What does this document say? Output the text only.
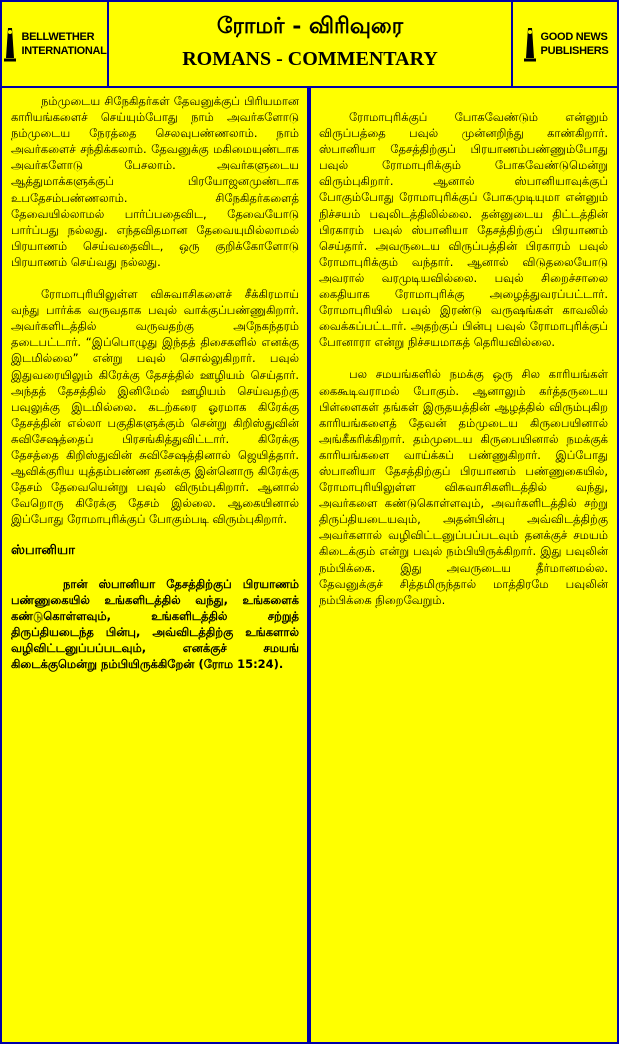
BELLWETHER
INTERNATIONAL
ரோமர் - விரிவுரை
ROMANS - COMMENTARY
GOOD NEWS
PUBLISHERS

நம்முடைய சிநேகிதர்கள் தேவனுக்குப் பிரியமான காரியங்களைச் செய்யும்போது நாம் அவர்களோடு நம்முடைய நேரத்தை செலவுபண்ணலாம். நாம் அவர்களைச் சந்திக்கலாம். தேவனுக்கு மகிமையுண்டாக அவர்களோடு பேசலாம். அவர்களுடைய ஆத்துமாக்களுக்குப் பிரயோஜனமுண்டாக உபதேசம்பண்ணலாம். சிநேகிதர்களைத் தேவையில்லாமல் பார்ப்பதைவிட, தேவையோடு பார்ப்பது நல்லது. எந்தவிதமான தேவையுமில்லாமல் பிரயாணம் செய்வதைவிட, ஒரு குறிக்கோளோடு பிரயாணம் செய்வது நல்லது.

ரோமாபுரியிலுள்ள விசுவாசிகளைச் சீக்கிரமாய் வந்து பார்க்க வருவதாக பவுல் வாக்குப்பண்ணுகிறார். அவர்களிடத்தில் வருவதற்கு அநேகந்தரம் தடைபட்டார். “இப்பொழுது இந்தத் திசைகளில் எனக்கு இடமில்லை” என்று பவுல் சொல்லுகிறார். பவுல் இதுவரையிலும் கிரேக்கு தேசத்தில் ஊழியம் செய்தார். அந்தத் தேசத்தில் இனிமேல் ஊழியம் செய்வதற்கு பவுலுக்கு இடமில்லை. கடற்கரை ஓரமாக கிரேக்கு தேசத்தின் எல்லா பகுதிகளுக்கும் சென்று கிறிஸ்துவின் சுவிசேஷத்தைப் பிரசங்கித்துவிட்டார். கிரேக்கு தேசத்தை கிறிஸ்துவின் சுவிசேஷத்தினால் ஜெயித்தார். ஆவிக்குரிய யுத்தம்பண்ண தனக்கு இன்னொரு கிரேக்கு தேசம் தேவையென்று பவுல் விரும்புகிறார். ஆனால் வேறொரு கிரேக்கு தேசம் இல்லை. ஆகையினால் இப்போது ரோமாபுரிக்குப் போகும்படி விரும்புகிறார்.

ஸ்பானியா

நான் ஸ்பானியா தேசத்திற்குப் பிரயாணம் பண்ணுகையில் உங்களிடத்தில் வந்து, உங்களைக் கண்டுகொள்ளவும், உங்களிடத்தில் சற்றுத் திருப்தியடைந்த பின்பு, அவ்விடத்திற்கு உங்களால் வழிவிட்டனுப்பப்படவும், எனக்குச் சமயங் கிடைக்குமென்று நம்பியிருக்கிறேன் (ரோம 15:24).

ரோமாபுரிக்குப் போகவேண்டும் என்னும் விருப்பத்தை பவுல் முன்னறிந்து காண்கிறார். ஸ்பானியா தேசத்திற்குப் பிரயாணம்பண்ணும்போது பவுல் ரோமாபுரிக்கும் போகவேண்டுமென்று விரும்புகிறார். ஆனால் ஸ்பானியாவுக்குப் போகும்போது ரோமாபுரிக்குப் போகமுடியுமா என்னும் நிச்சயம் பவுலிடத்திலில்லை. தன்னுடைய திட்டத்தின் பிரகாரம் பவுல் ஸ்பானியா தேசத்திற்குப் பிரயாணம் செய்தார். அவருடைய விருப்பத்தின் பிரகாரம் பவுல் ரோமாபுரிக்கும் வந்தார். ஆனால் விடுதலையோடு அவரால் வரமுடியவில்லை. பவுல் சிறைச்சாலை கைதியாக ரோமாபுரிக்கு அழைத்துவரப்பட்டார். ரோமாபுரியில் பவுல் இரண்டு வருஷங்கள் காவலில் வைக்கப்பட்டார். அதற்குப் பின்பு பவுல் ரோமாபுரிக்குப் போனாரா என்று நிச்சயமாகத் தெரியவில்லை.

பல சமயங்களில் நமக்கு ஒரு சில காரியங்கள் கைகூடிவராமல் போகும். ஆனாலும் கர்த்தருடைய பிள்ளைகள் தங்கள் இருதயத்தின் ஆழத்தில் விரும்புகிற காரியங்களைத் தேவன் தம்முடைய கிருபையினால் அங்கீகரிக்கிறார். தம்முடைய கிருபையினால் நமக்குக் காரியங்களை வாய்க்கப் பண்ணுகிறார். இப்போது ஸ்பானியா தேசத்திற்குப் பிரயாணம் பண்ணுகையில், ரோமாபுரியிலுள்ள விசுவாசிகளிடத்தில் வந்து, அவர்களை கண்டுகொள்ளவும், அவர்களிடத்தில் சற்று திருப்தியடையவும், அதன்பின்பு அவ்விடத்திற்கு அவர்களால் வழிவிட்டனுப்பப்படவும் தனக்குச் சமயம் கிடைக்கும் என்று பவுல் நம்பியிருக்கிறார். இது பவுலின் நம்பிக்கை. இது அவருடைய தீர்மானமல்ல. தேவனுக்குச் சித்தமிருந்தால் மாத்திரமே பவுலின் நம்பிக்கை நிறைவேறும்.
